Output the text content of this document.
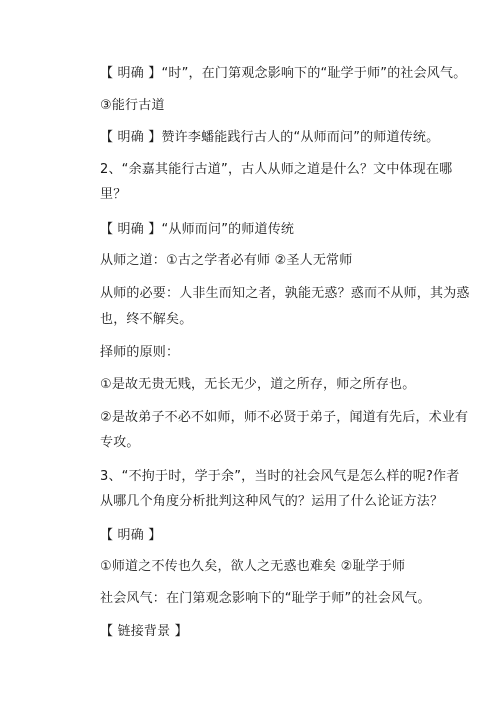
【 明确 】“时”，在门第观念影响下的“耻学于师”的社会风气。
③能行古道
【 明确 】赞许李蟠能践行古人的“从师而问”的师道传统。
2、“余嘉其能行古道”，古人从师之道是什么？文中体现在哪
里？
【 明确 】“从师而问”的师道传统
从师之道：①古之学者必有师 ②圣人无常师
从师的必要：人非生而知之者，孰能无惑？惑而不从师，其为惑
也，终不解矣。
择师的原则：
①是故无贵无贱，无长无少，道之所存，师之所存也。
②是故弟子不必不如师，师不必贤于弟子，闻道有先后，术业有
专攻。
3、“不拘于时，学于余”，当时的社会风气是怎么样的呢?作者
从哪几个角度分析批判这种风气的？运用了什么论证方法？
【 明确 】
①师道之不传也久矣，欲人之无惑也难矣 ②耻学于师
社会风气：在门第观念影响下的“耻学于师”的社会风气。
【 链接背景 】
